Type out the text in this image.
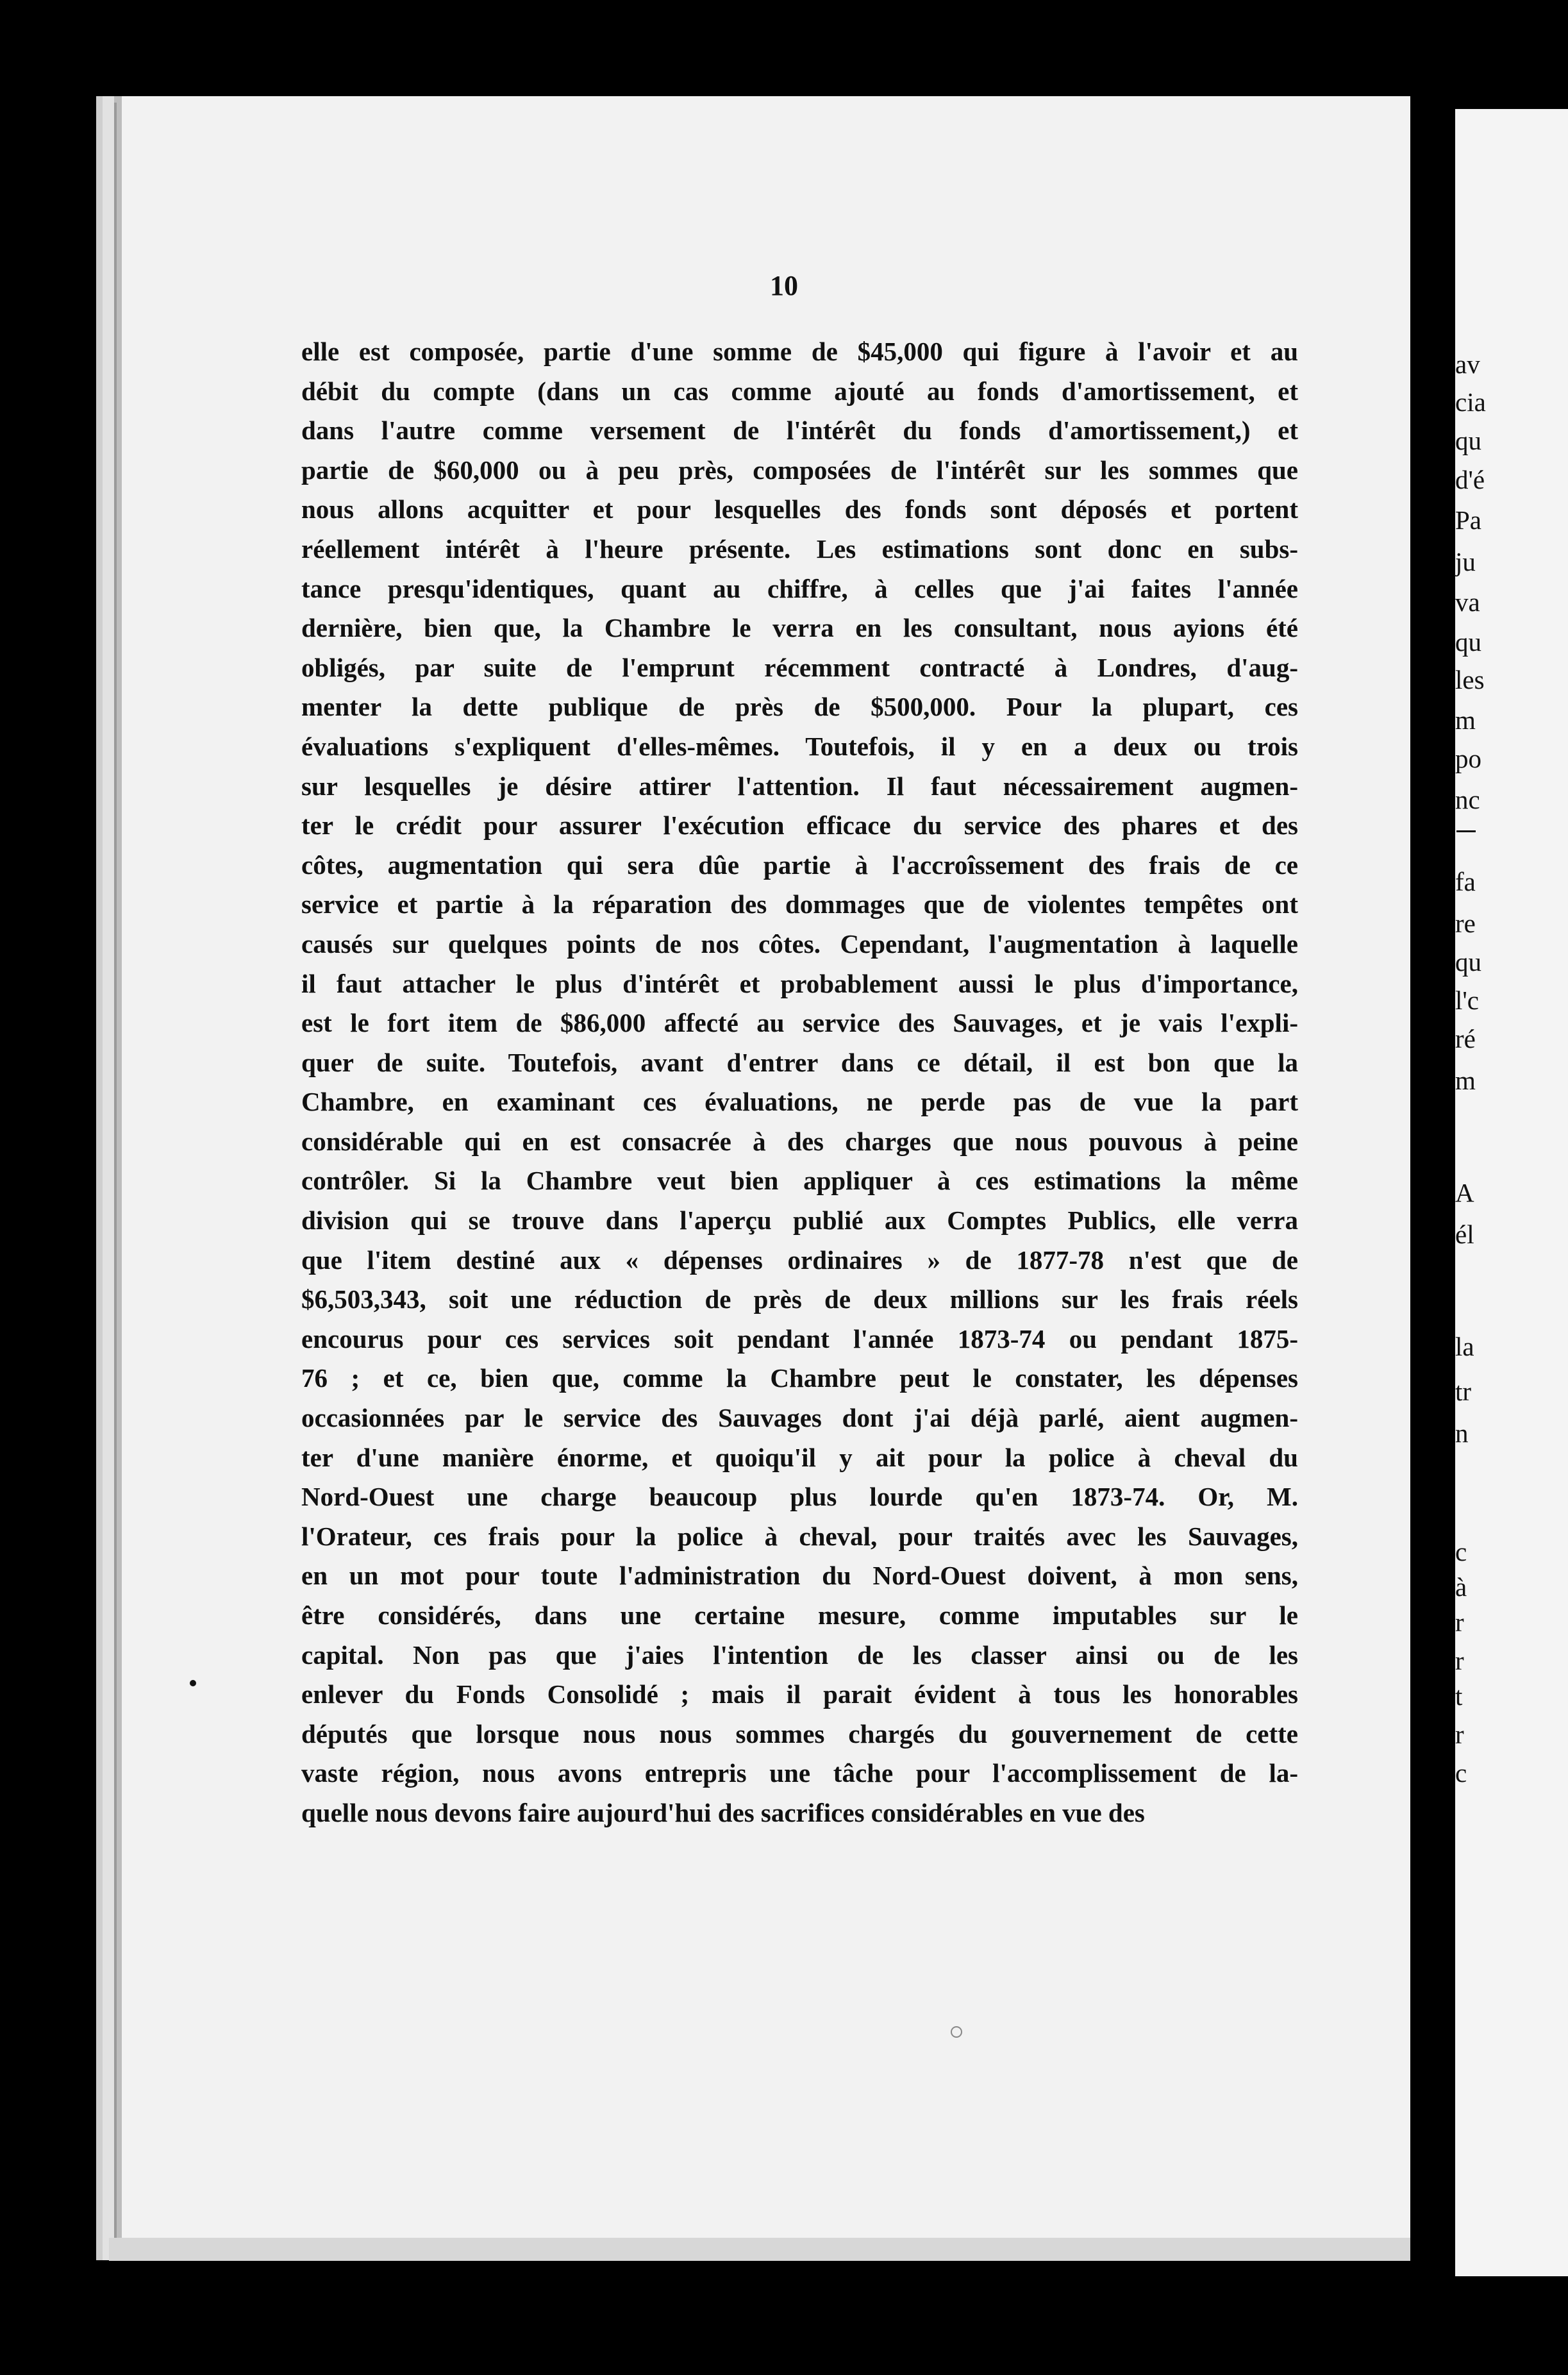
10
elle est composée, partie d'une somme de $45,000 qui figure à l'avoir et au
débit du compte (dans un cas comme ajouté au fonds d'amortissement, et
dans l'autre comme versement de l'intérêt du fonds d'amortissement,) et
partie de $60,000 ou à peu près, composées de l'intérêt sur les sommes que
nous allons acquitter et pour lesquelles des fonds sont déposés et portent
réellement intérêt à l'heure présente. Les estimations sont donc en subs-
tance presqu'identiques, quant au chiffre, à celles que j'ai faites l'année
dernière, bien que, la Chambre le verra en les consultant, nous ayions été
obligés, par suite de l'emprunt récemment contracté à Londres, d'aug-
menter la dette publique de près de $500,000. Pour la plupart, ces
évaluations s'expliquent d'elles-mêmes. Toutefois, il y en a deux ou trois
sur lesquelles je désire attirer l'attention. Il faut nécessairement augmen-
ter le crédit pour assurer l'exécution efficace du service des phares et des
côtes, augmentation qui sera dûe partie à l'accroîssement des frais de ce
service et partie à la réparation des dommages que de violentes tempêtes ont
causés sur quelques points de nos côtes. Cependant, l'augmentation à laquelle
il faut attacher le plus d'intérêt et probablement aussi le plus d'importance,
est le fort item de $86,000 affecté au service des Sauvages, et je vais l'expli-
quer de suite. Toutefois, avant d'entrer dans ce détail, il est bon que la
Chambre, en examinant ces évaluations, ne perde pas de vue la part
considérable qui en est consacrée à des charges que nous pouvous à peine
contrôler. Si la Chambre veut bien appliquer à ces estimations la même
division qui se trouve dans l'aperçu publié aux Comptes Publics, elle verra
que l'item destiné aux « dépenses ordinaires » de 1877-78 n'est que de
$6,503,343, soit une réduction de près de deux millions sur les frais réels
encourus pour ces services soit pendant l'année 1873-74 ou pendant 1875-
76 ; et ce, bien que, comme la Chambre peut le constater, les dépenses
occasionnées par le service des Sauvages dont j'ai déjà parlé, aient augmen-
ter d'une manière énorme, et quoiqu'il y ait pour la police à cheval du
Nord-Ouest une charge beaucoup plus lourde qu'en 1873-74. Or, M.
l'Orateur, ces frais pour la police à cheval, pour traités avec les Sauvages,
en un mot pour toute l'administration du Nord-Ouest doivent, à mon sens,
être considérés, dans une certaine mesure, comme imputables sur le
capital. Non pas que j'aies l'intention de les classer ainsi ou de les
enlever du Fonds Consolidé ; mais il parait évident à tous les honorables
députés que lorsque nous nous sommes chargés du gouvernement de cette
vaste région, nous avons entrepris une tâche pour l'accomplissement de la-
quelle nous devons faire aujourd'hui des sacrifices considérables en vue des
av
cia
qu
d'é
Pa
ju
va
qu
les
m
po
nc
fa
re
qu
l'c
ré
m
A
él
la
tr
n
c
à
r
r
t
r
c
